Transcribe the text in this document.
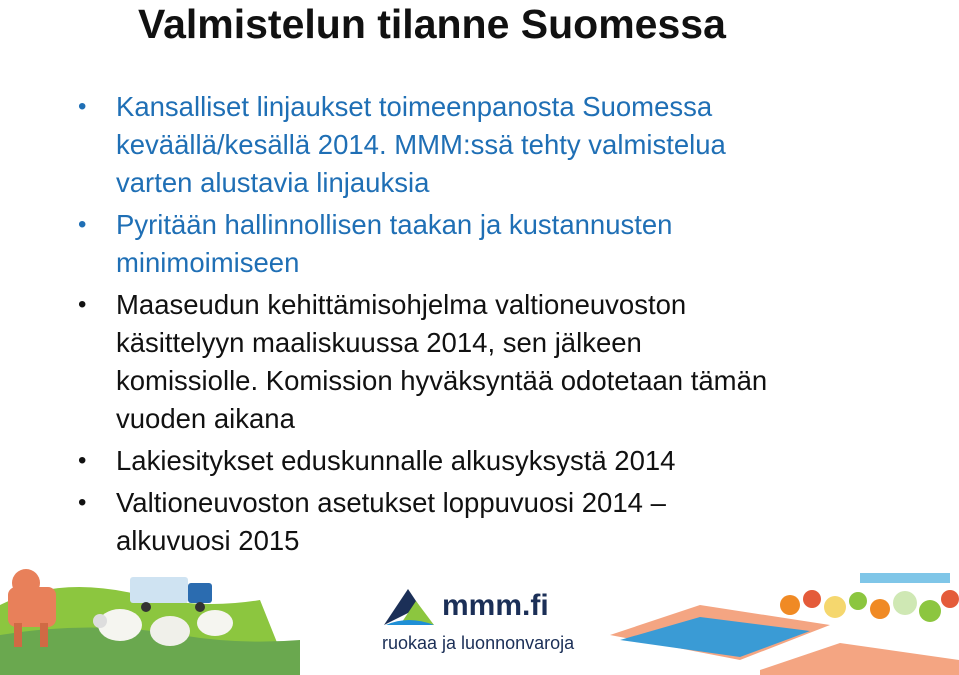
Valmistelun tilanne Suomessa
• Kansalliset linjaukset toimeenpanosta Suomessa
keväällä/kesällä 2014. MMM:ssä tehty valmistelua
varten alustavia linjauksia
• Pyritään hallinnollisen taakan ja kustannusten
minimoimiseen
• Maaseudun kehittämisohjelma valtioneuvoston
käsittelyyn maaliskuussa 2014, sen jälkeen
komissiolle. Komission hyväksyntää odotetaan tämän
vuoden aikana
• Lakiesitykset eduskunnalle alkusyksystä 2014
• Valtioneuvoston asetukset loppuvuosi 2014 –
alkuvuosi 2015
mmm.fi
ruokaa ja luonnonvaroja
